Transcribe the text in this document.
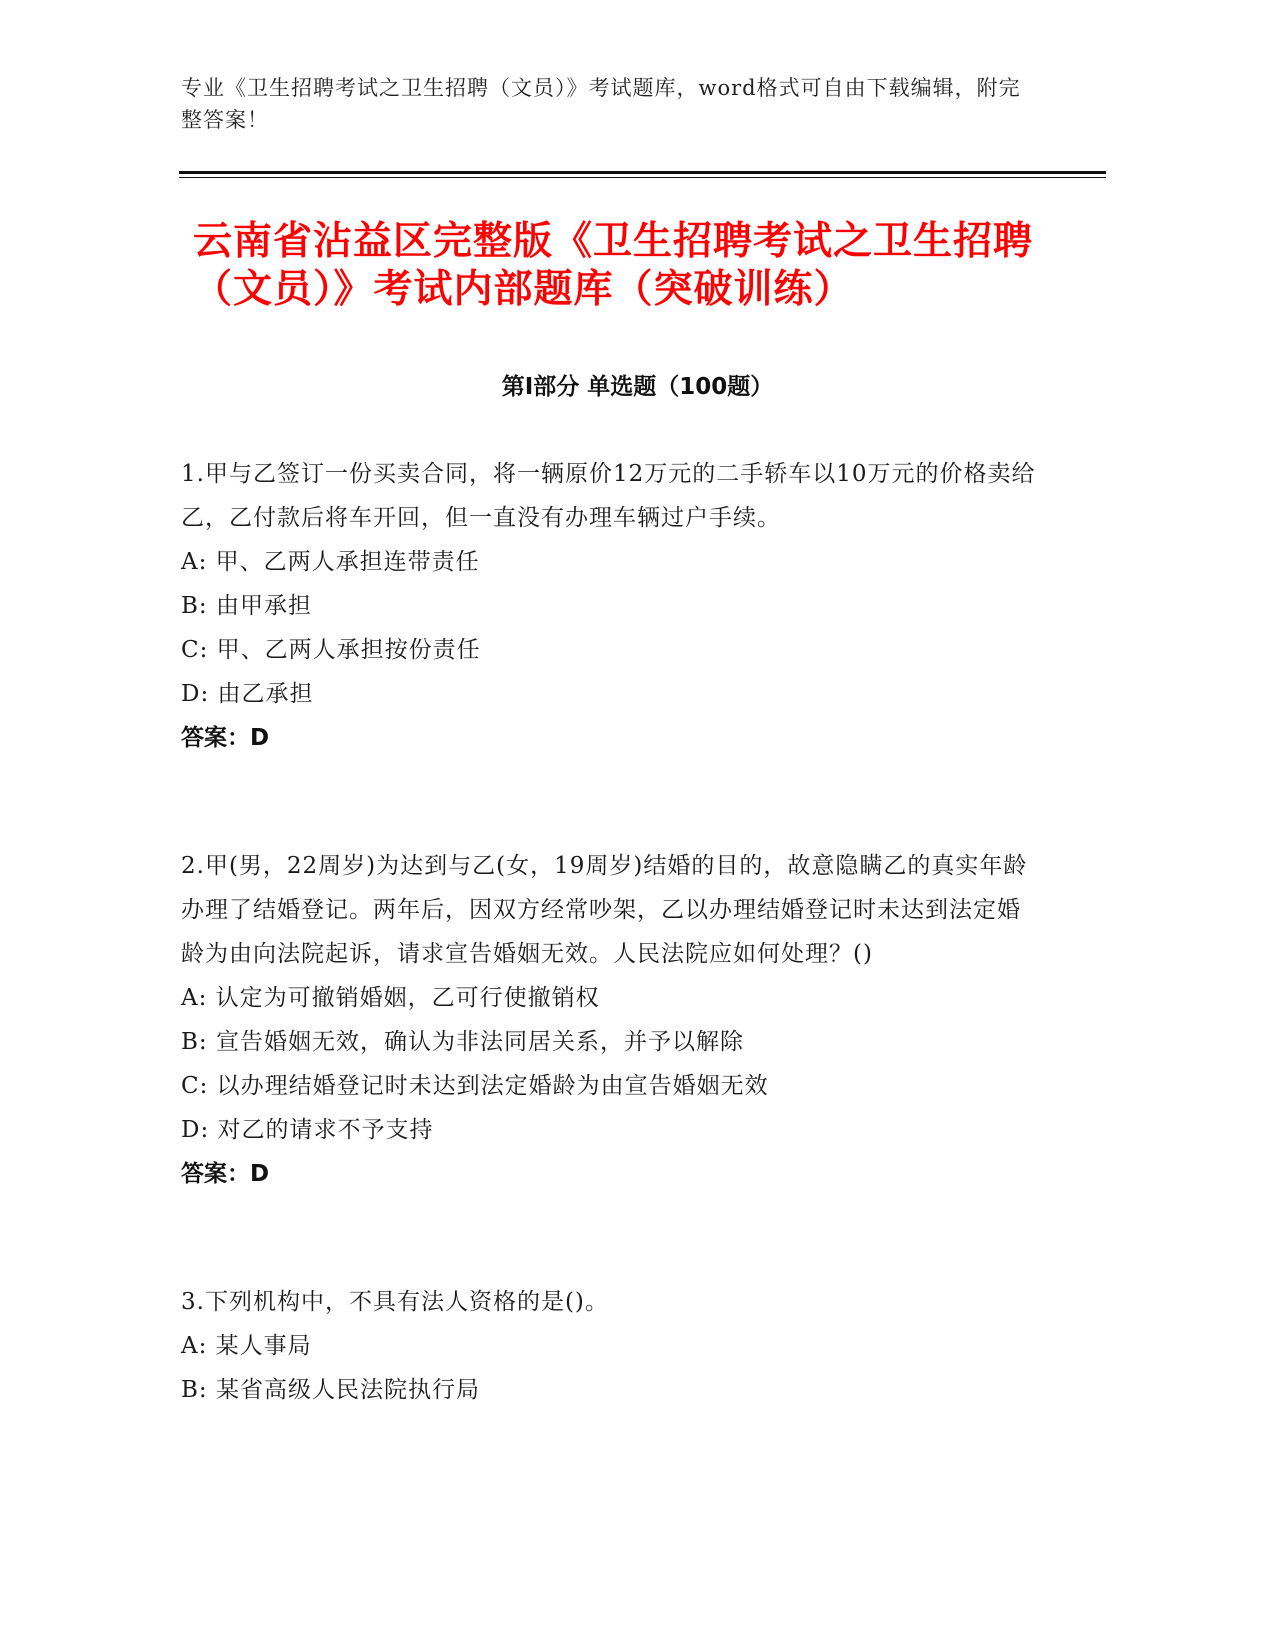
专业《卫生招聘考试之卫生招聘（文员）》考试题库，word格式可自由下载编辑，附完整答案！
云南省沾益区完整版《卫生招聘考试之卫生招聘（文员）》考试内部题库（突破训练）
第Ⅰ部分 单选题（100题）
1.甲与乙签订一份买卖合同，将一辆原价12万元的二手轿车以10万元的价格卖给乙，乙付款后将车开回，但一直没有办理车辆过户手续。
A: 甲、乙两人承担连带责任
B: 由甲承担
C: 甲、乙两人承担按份责任
D: 由乙承担
答案：D
2.甲(男，22周岁)为达到与乙(女，19周岁)结婚的目的，故意隐瞒乙的真实年龄办理了结婚登记。两年后，因双方经常吵架，乙以办理结婚登记时未达到法定婚龄为由向法院起诉，请求宣告婚姻无效。人民法院应如何处理？()
A: 认定为可撤销婚姻，乙可行使撤销权
B: 宣告婚姻无效，确认为非法同居关系，并予以解除
C: 以办理结婚登记时未达到法定婚龄为由宣告婚姻无效
D: 对乙的请求不予支持
答案：D
3.下列机构中，不具有法人资格的是()。
A: 某人事局
B: 某省高级人民法院执行局
